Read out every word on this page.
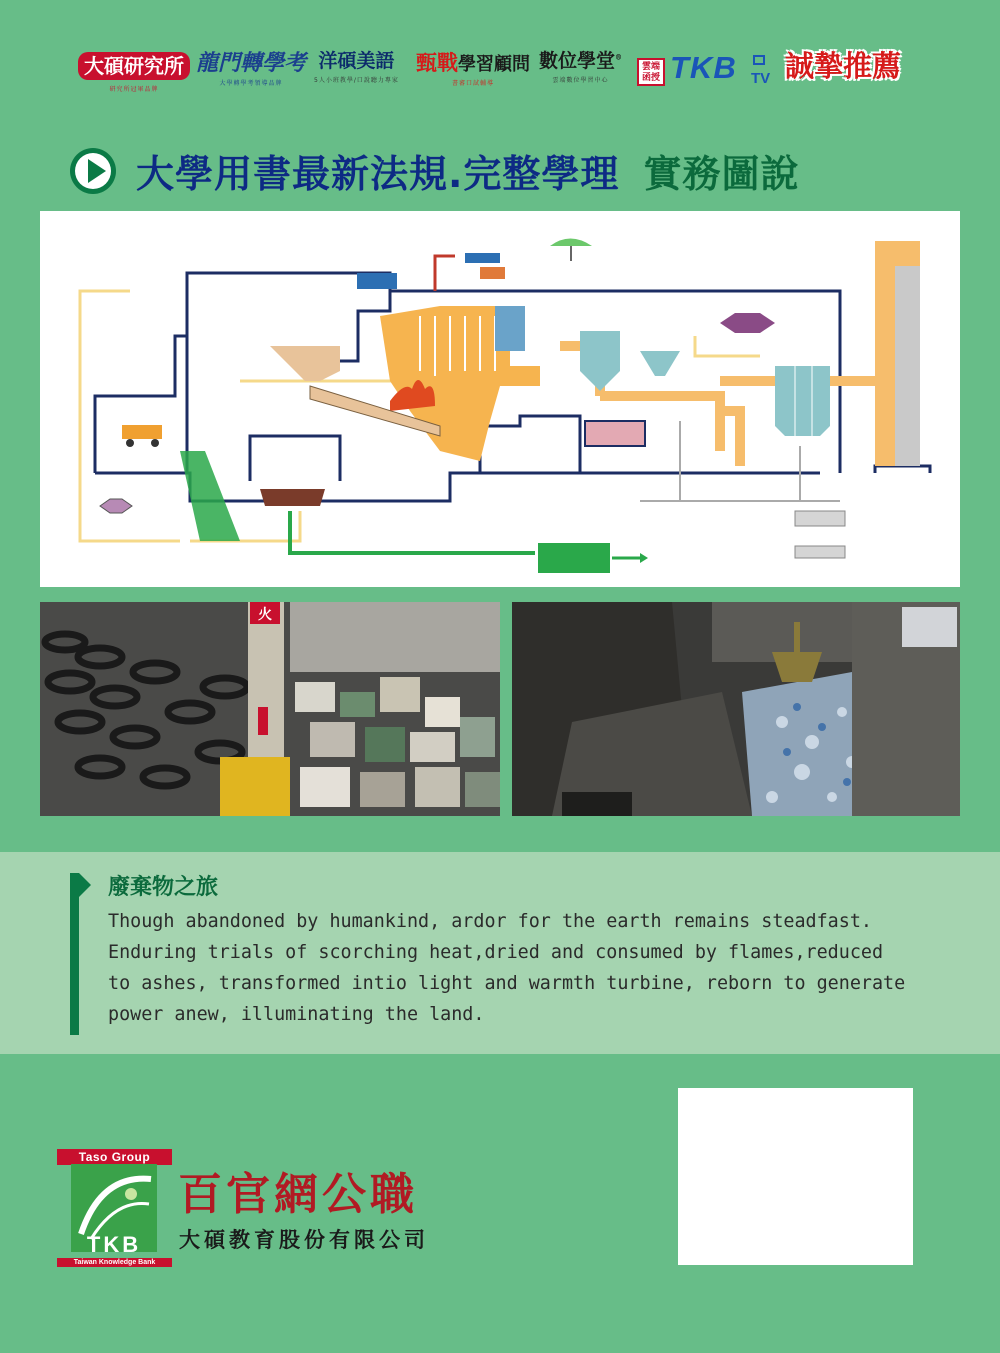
大碩研究所
研究所冠軍品牌
龍門轉學考
大學轉學考領導品牌
洋碩美語
5人小班教學/口說聽力專家
甄戰學習顧問
書審口試輔導
數位學堂®
雲端數位學習中心
雲端函授 TKB TV 誠摯推薦
大學用書最新法規.完整學理 實務圖說
火
廢棄物之旅
Though abandoned by humankind, ardor for the earth remains steadfast.
Enduring trials of scorching heat,dried and consumed by flames,reduced
to ashes, transformed intio light and warmth turbine, reborn to generate
power anew, illuminating the land.
Taso Group
TKB
Taiwan Knowledge Bank
百官網公職
大碩教育股份有限公司
